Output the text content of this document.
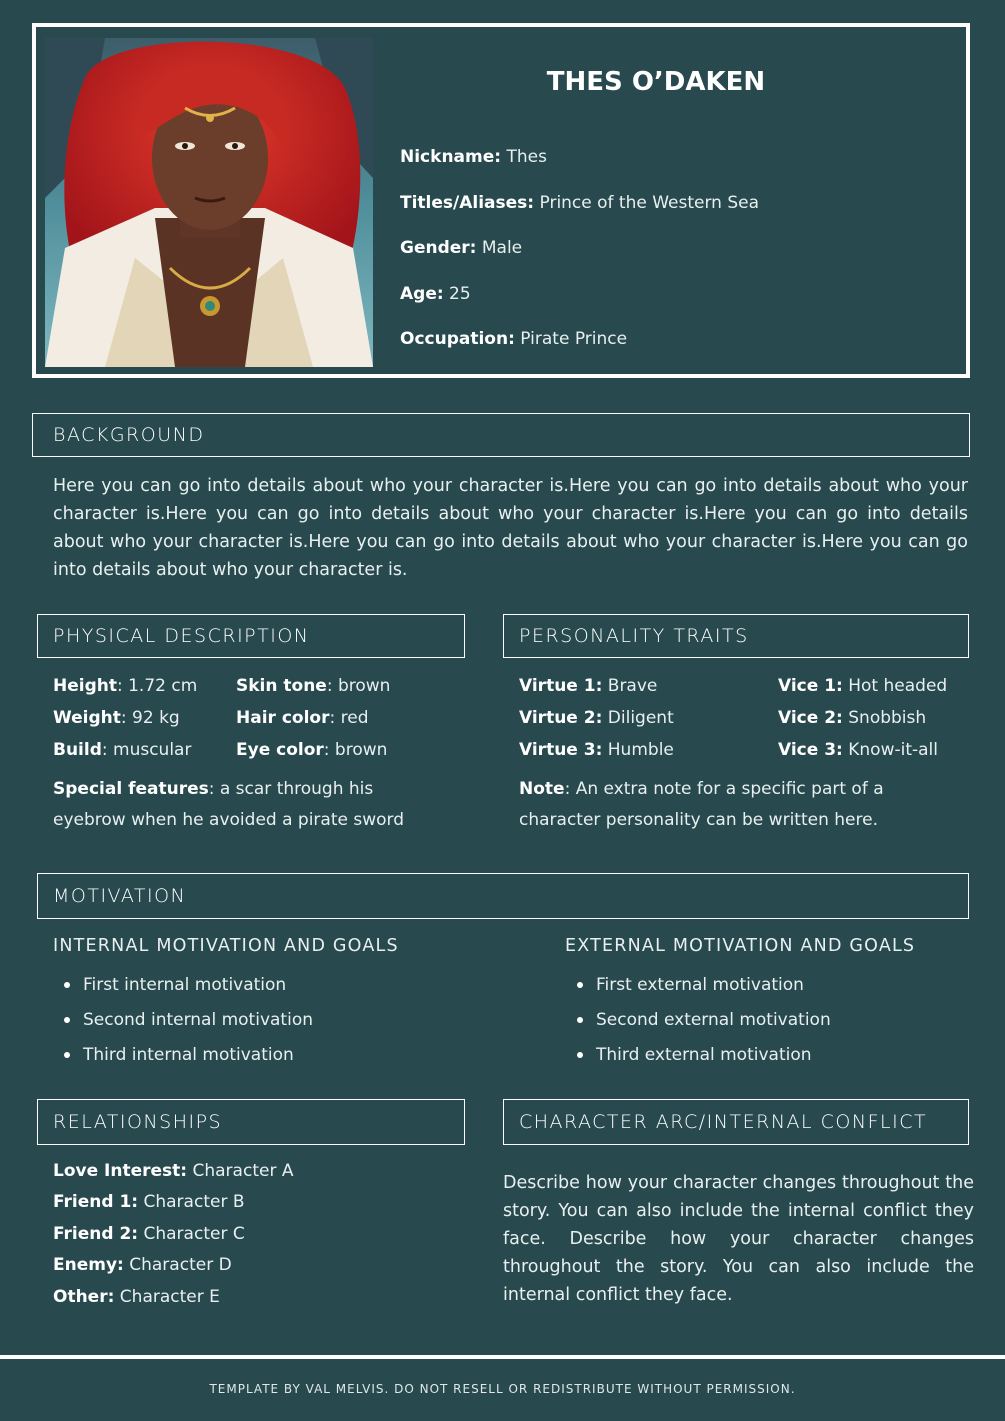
THES O’DAKEN
Nickname: Thes
Titles/Aliases: Prince of the Western Sea
Gender: Male
Age: 25
Occupation: Pirate Prince
BACKGROUND
Here you can go into details about who your character is.Here you can go into details about who your character is.Here you can go into details about who your character is.Here you can go into details about who your character is.Here you can go into details about who your character is.Here you can go into details about who your character is.
PHYSICAL DESCRIPTION
Height: 1.72 cm
Weight: 92 kg
Build: muscular
Skin tone: brown
Hair color: red
Eye color: brown
Special features: a scar through his
eyebrow when he avoided a pirate sword
PERSONALITY TRAITS
Virtue 1: Brave
Virtue 2: Diligent
Virtue 3: Humble
Vice 1: Hot headed
Vice 2: Snobbish
Vice 3: Know-it-all
Note: An extra note for a specific part of a
character personality can be written here.
MOTIVATION
INTERNAL MOTIVATION AND GOALS
First internal motivation
Second internal motivation
Third internal motivation
EXTERNAL MOTIVATION AND GOALS
First external motivation
Second external motivation
Third external motivation
RELATIONSHIPS
Love Interest: Character A
Friend 1: Character B
Friend 2: Character C
Enemy: Character D
Other: Character E
CHARACTER ARC/INTERNAL CONFLICT
Describe how your character changes throughout the story. You can also include the internal conflict they face. Describe how your character changes throughout the story. You can also include the internal conflict they face.
TEMPLATE BY VAL MELVIS. DO NOT RESELL OR REDISTRIBUTE WITHOUT PERMISSION.
